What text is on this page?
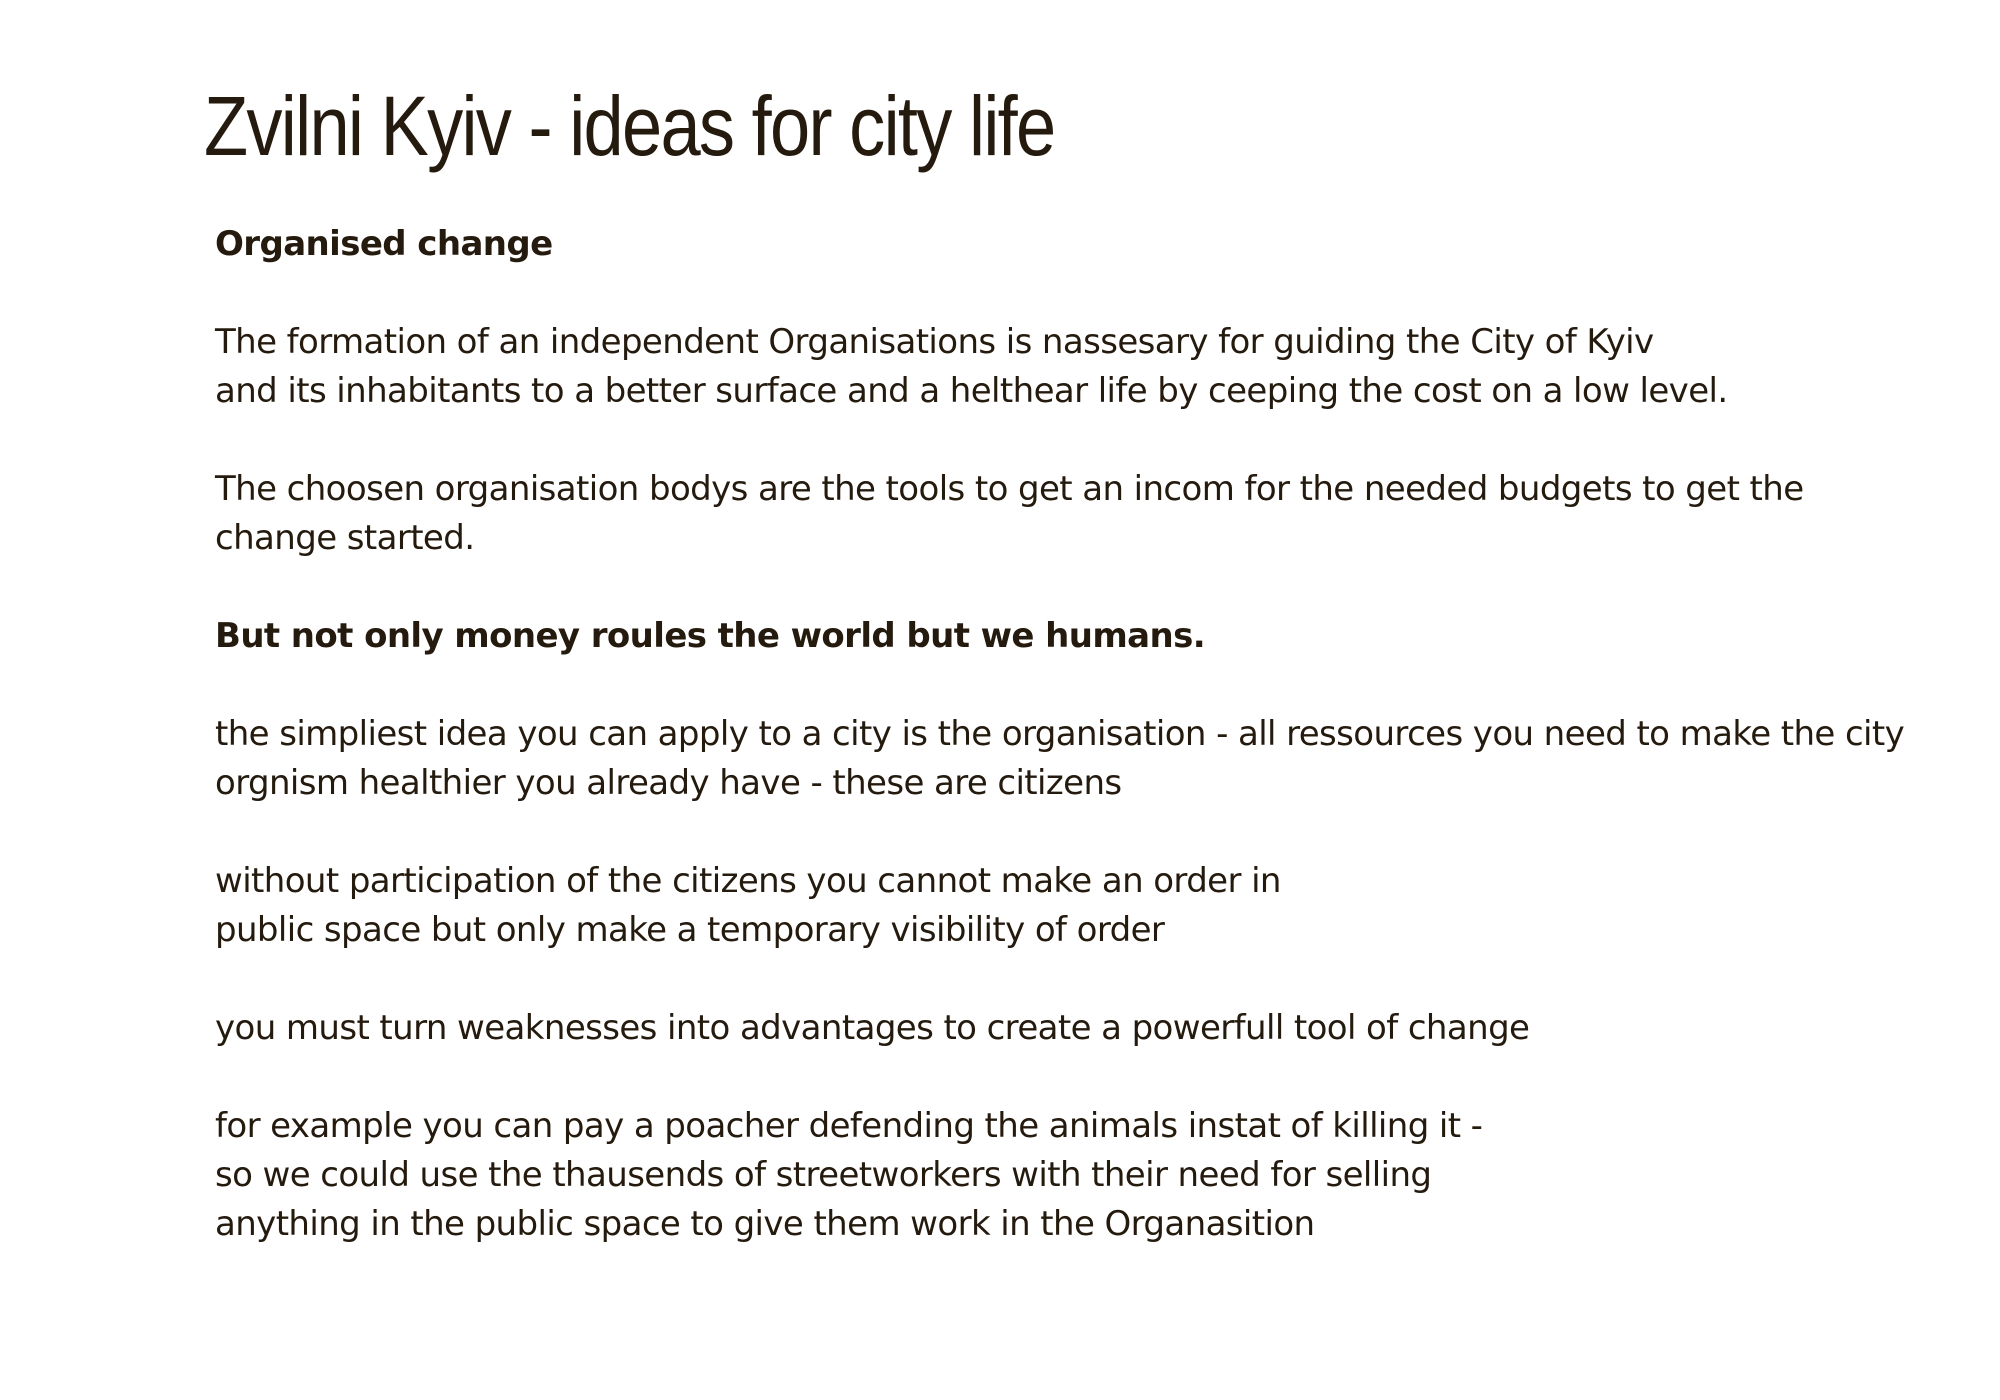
Zvilni Kyiv - ideas for city life

Organised change

The formation of an independent Organisations is nassesary for guiding the City of Kyiv
and its inhabitants to a better surface and a helthear life by ceeping the cost on a low level.

The choosen organisation bodys are the tools to get an incom for the needed budgets to get the
change started.

But not only money roules the world but we humans.

the simpliest idea you can apply to a city is the organisation - all ressources you need to make the city
orgnism healthier you already have - these are citizens

without participation of the citizens you cannot make an order in
public space but only make a temporary visibility of order

you must turn weaknesses into advantages to create a powerfull tool of change

for example you can pay a poacher defending the animals instat of killing it -
so we could use the thausends of streetworkers with their need for selling
anything in the public space to give them work in the Organasition
